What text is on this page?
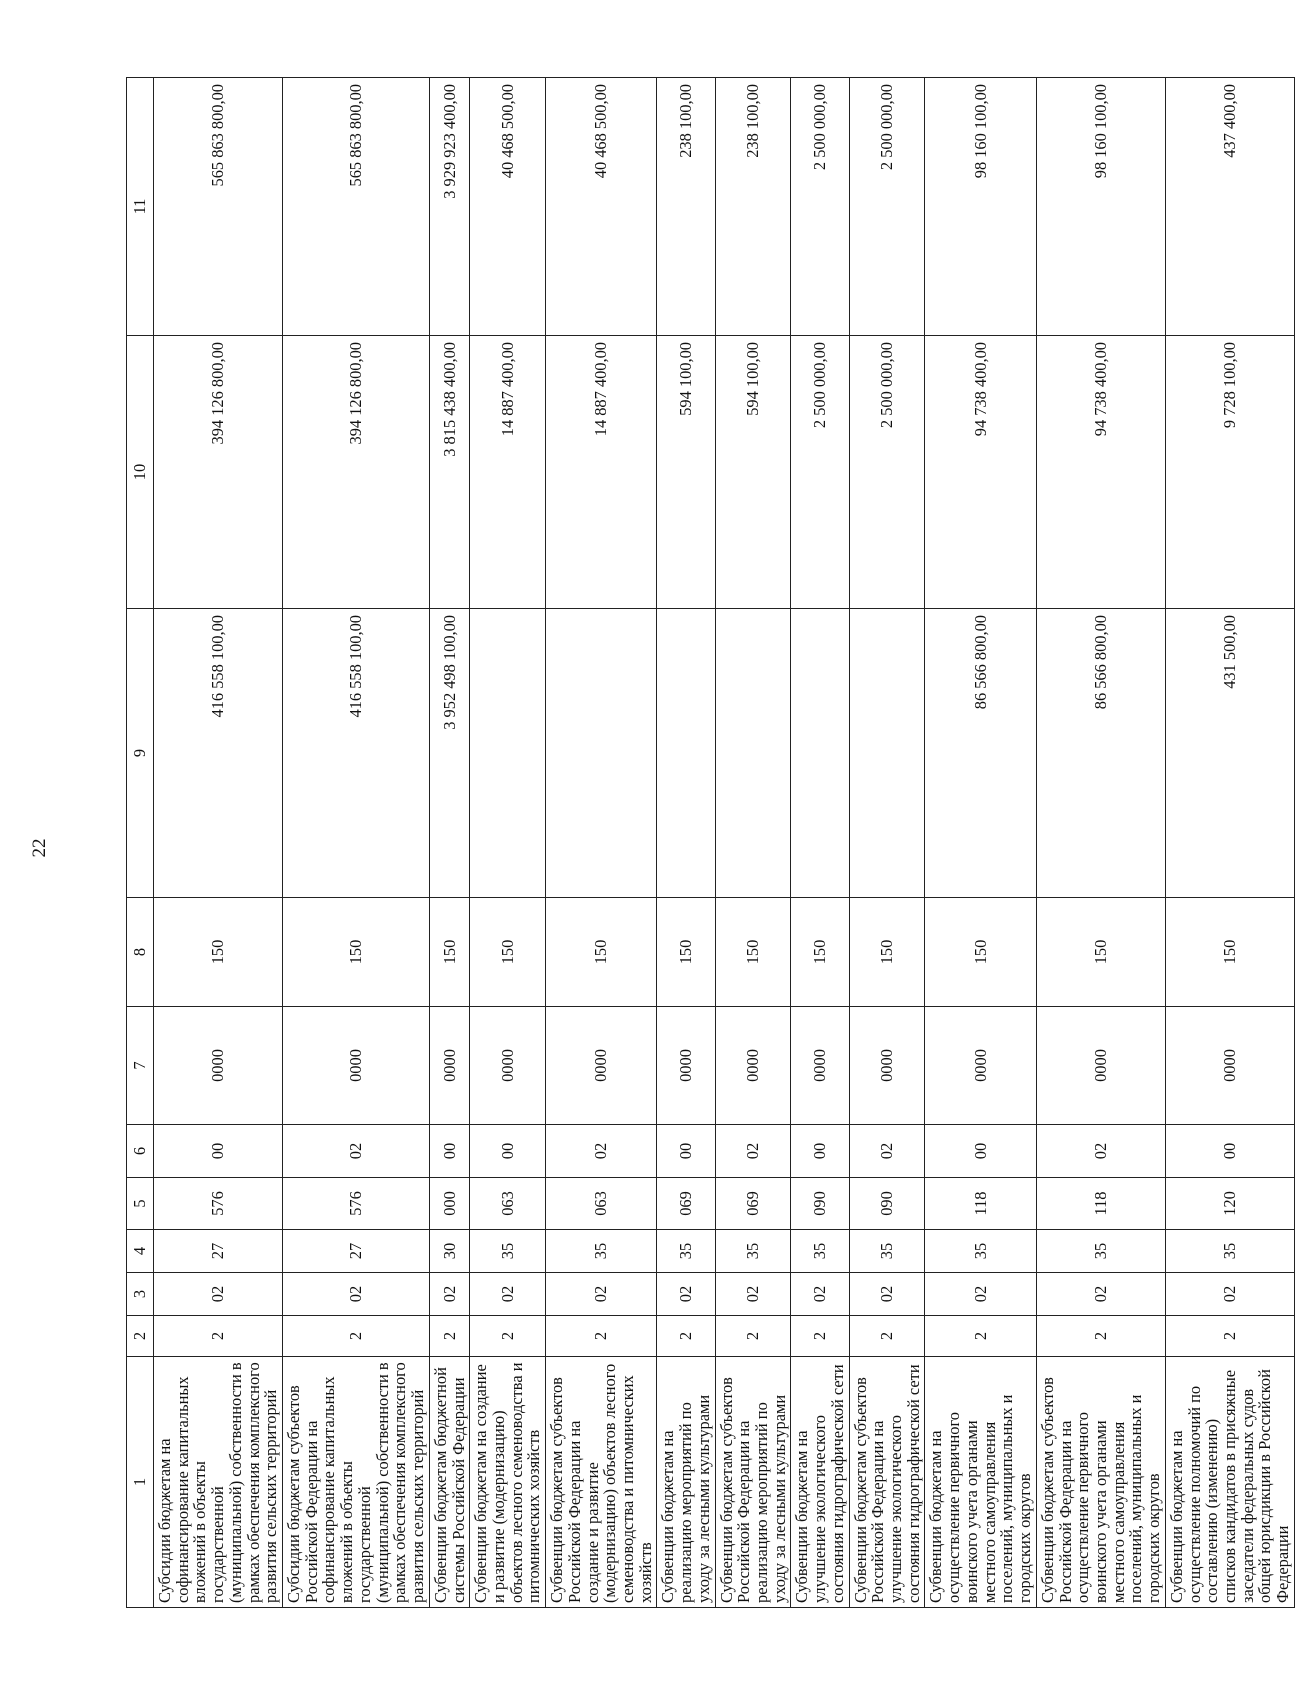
22
1	2	3	4	5	6	7	8	9	10	11
Субсидии бюджетам на софинансирование капитальных вложений в объекты государственной (муниципальной) собственности в рамках обеспечения комплексного развития сельских территорий	2	02	27	576	00	0000	150	416 558 100,00	394 126 800,00	565 863 800,00
Субсидии бюджетам субъектов Российской Федерации на софинансирование капитальных вложений в объекты государственной (муниципальной) собственности в рамках обеспечения комплексного развития сельских территорий	2	02	27	576	02	0000	150	416 558 100,00	394 126 800,00	565 863 800,00
Субвенции бюджетам бюджетной системы Российской Федерации	2	02	30	000	00	0000	150	3 952 498 100,00	3 815 438 400,00	3 929 923 400,00
Субвенции бюджетам на создание и развитие (модернизацию) объектов лесного семеноводства и питомнических хозяйств	2	02	35	063	00	0000	150		14 887 400,00	40 468 500,00
Субвенции бюджетам субъектов Российской Федерации на создание и развитие (модернизацию) объектов лесного семеноводства и питомнических хозяйств	2	02	35	063	02	0000	150		14 887 400,00	40 468 500,00
Субвенции бюджетам на реализацию мероприятий по уходу за лесными культурами	2	02	35	069	00	0000	150		594 100,00	238 100,00
Субвенции бюджетам субъектов Российской Федерации на реализацию мероприятий по уходу за лесными культурами	2	02	35	069	02	0000	150		594 100,00	238 100,00
Субвенции бюджетам на улучшение экологического состояния гидрографической сети	2	02	35	090	00	0000	150		2 500 000,00	2 500 000,00
Субвенции бюджетам субъектов Российской Федерации на улучшение экологического состояния гидрографической сети	2	02	35	090	02	0000	150		2 500 000,00	2 500 000,00
Субвенции бюджетам на осуществление первичного воинского учета органами местного самоуправления поселений, муниципальных и городских округов	2	02	35	118	00	0000	150	86 566 800,00	94 738 400,00	98 160 100,00
Субвенции бюджетам субъектов Российской Федерации на осуществление первичного воинского учета органами местного самоуправления поселений, муниципальных и городских округов	2	02	35	118	02	0000	150	86 566 800,00	94 738 400,00	98 160 100,00
Субвенции бюджетам на осуществление полномочий по составлению (изменению) списков кандидатов в присяжные заседатели федеральных судов общей юрисдикции в Российской Федерации	2	02	35	120	00	0000	150	431 500,00	9 728 100,00	437 400,00
